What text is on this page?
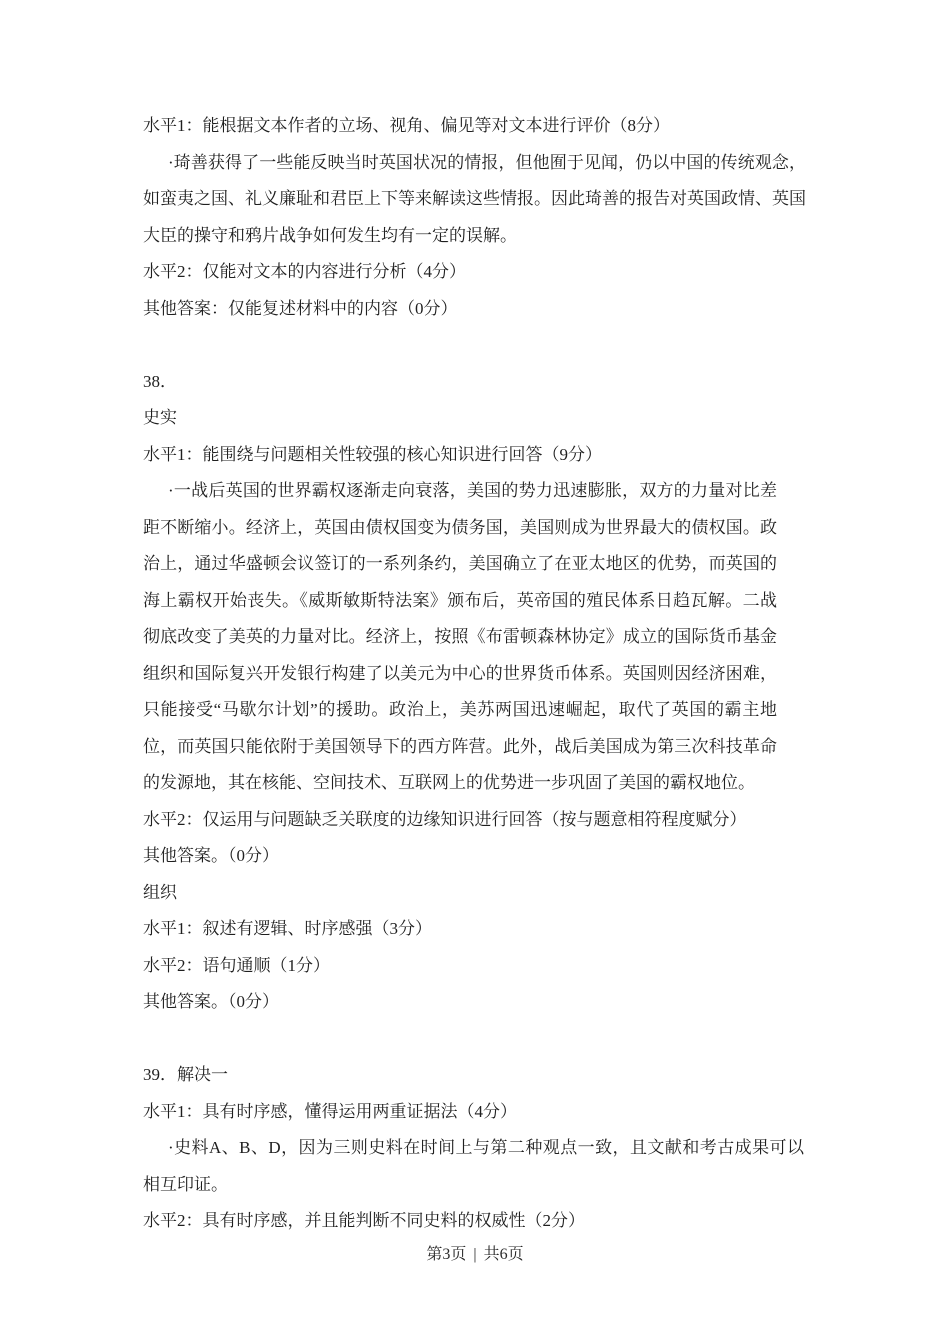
水平1：能根据文本作者的立场、视角、偏见等对文本进行评价（8分）
·琦善获得了一些能反映当时英国状况的情报，但他囿于见闻，仍以中国的传统观念，
如蛮夷之国、礼义廉耻和君臣上下等来解读这些情报。因此琦善的报告对英国政情、英国
大臣的操守和鸦片战争如何发生均有一定的误解。
水平2：仅能对文本的内容进行分析（4分）
其他答案：仅能复述材料中的内容（0分）
38．
史实
水平1：能围绕与问题相关性较强的核心知识进行回答（9分）
·一战后英国的世界霸权逐渐走向衰落，美国的势力迅速膨胀，双方的力量对比差
距不断缩小。经济上，英国由债权国变为债务国，美国则成为世界最大的债权国。政
治上，通过华盛顿会议签订的一系列条约，美国确立了在亚太地区的优势，而英国的
海上霸权开始丧失。《威斯敏斯特法案》颁布后，英帝国的殖民体系日趋瓦解。二战
彻底改变了美英的力量对比。经济上，按照《布雷顿森林协定》成立的国际货币基金
组织和国际复兴开发银行构建了以美元为中心的世界货币体系。英国则因经济困难，
只能接受“马歇尔计划”的援助。政治上，美苏两国迅速崛起，取代了英国的霸主地
位，而英国只能依附于美国领导下的西方阵营。此外，战后美国成为第三次科技革命
的发源地，其在核能、空间技术、互联网上的优势进一步巩固了美国的霸权地位。
水平2：仅运用与问题缺乏关联度的边缘知识进行回答（按与题意相符程度赋分）
其他答案。（0分）
组织
水平1：叙述有逻辑、时序感强（3分）
水平2：语句通顺（1分）
其他答案。（0分）
39．解决一
水平1：具有时序感，懂得运用两重证据法（4分）
·史料A、B、D，因为三则史料在时间上与第二种观点一致，且文献和考古成果可以
相互印证。
水平2：具有时序感，并且能判断不同史料的权威性（2分）
第3页 | 共6页
